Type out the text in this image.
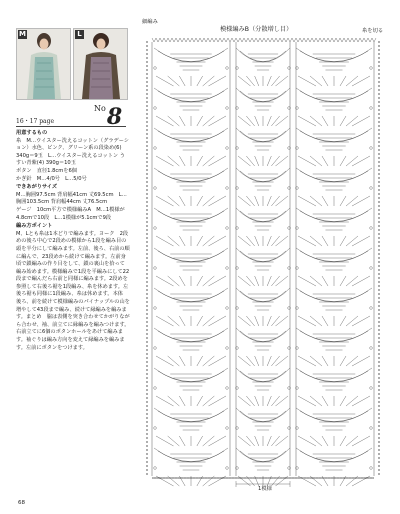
M	L
16・17 page
$^{No}$8

用意するもの

糸　M…ウイスター洗えるコットン（グラデーション）水色、ピンク、グリーン系の段染め(6) 340g＝9玉　L…ウイスター洗えるコットン うすい青紫(4) 390g＝10玉

ボタン　直径1.8cmを6個

かぎ針　M…4/0号　L…5/0号

できあがりサイズ

M…胸囲97.5cm 背肩幅41cm 丈69.5cm　L…胸囲103.5cm 背肩幅44cm 丈76.5cm

ゲージ　10cm平方で模様編みA　M…1模様が4.8cmで10段　L…1模様が5.1cmで9段

編み方ポイント

M、Lとも糸は1本どりで編みます。ヨーク　2段めの後ろ中心で2段めの模様から1段を編み目の頭を半分にして編みます。左前、後ろ、右前の順に編んで、23段めから続けて編みます。左前身頃で鎖編みの作り目をして、鎖の裏山を拾って編み始めます。模様編みで1段を平編みにして22段まで編んだら右前と同様に編みます。2段めを参照して右後ろ裾を1段編み、糸を休めます。左後ろ裾も同様に1段編み、糸は休めます。本体　後ろ、前を続けて模様編みのパイナップルの山を増やして43段まで編み、続けて縁編みを編みます。まとめ　脇は表側を突き合わせてかがりながら合わせ、袖、前立てに縁編みを編みつけます。右前立てに6個のボタンホールをあけて編みます。袖ぐりは編み方向を変えて縁編みを編みます。左前にボタンをつけます。

68
細編み
模様編みB（分散増し目）	糸を切る
1模様
